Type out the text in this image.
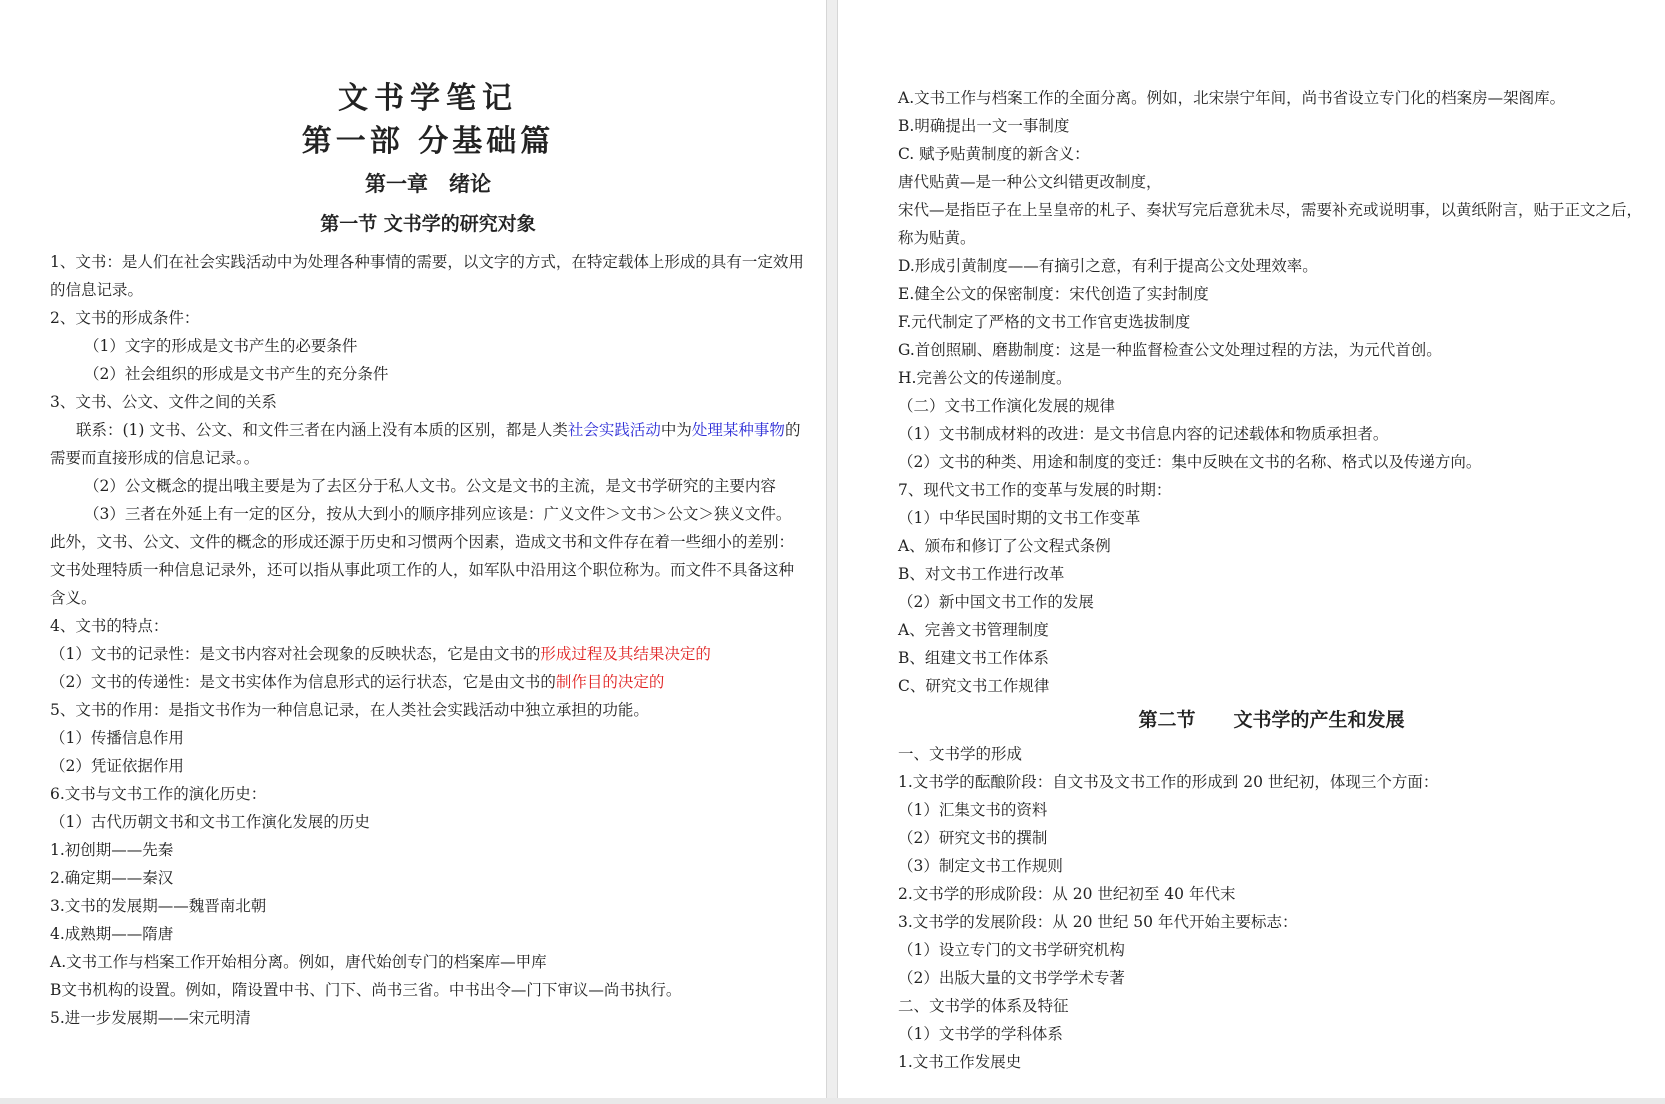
文书学笔记
第一部 分基础篇
第一章　绪论
第一节 文书学的研究对象

1、文书：是人们在社会实践活动中为处理各种事情的需要，以文字的方式，在特定载体上形成的具有一定效用的信息记录。

2、文书的形成条件：

（1）文字的形成是文书产生的必要条件

（2）社会组织的形成是文书产生的充分条件

3、文书、公文、文件之间的关系

联系：(1) 文书、公文、和文件三者在内涵上没有本质的区别，都是人类社会实践活动中为处理某种事物的需要而直接形成的信息记录。。

（2）公文概念的提出哦主要是为了去区分于私人文书。公文是文书的主流，是文书学研究的主要内容

（3）三者在外延上有一定的区分，按从大到小的顺序排列应该是：广义文件＞文书＞公文＞狭义文件。此外，文书、公文、文件的概念的形成还源于历史和习惯两个因素，造成文书和文件存在着一些细小的差别：文书处理特质一种信息记录外，还可以指从事此项工作的人，如军队中沿用这个职位称为。而文件不具备这种含义。

4、文书的特点：

（1）文书的记录性：是文书内容对社会现象的反映状态，它是由文书的形成过程及其结果决定的

（2）文书的传递性：是文书实体作为信息形式的运行状态，它是由文书的制作目的决定的

5、文书的作用：是指文书作为一种信息记录，在人类社会实践活动中独立承担的功能。

（1）传播信息作用

（2）凭证依据作用

6.文书与文书工作的演化历史：

（1）古代历朝文书和文书工作演化发展的历史

1.初创期——先秦

2.确定期——秦汉

3.文书的发展期——魏晋南北朝

4.成熟期——隋唐

A.文书工作与档案工作开始相分离。例如，唐代始创专门的档案库—甲库

B文书机构的设置。例如，隋设置中书、门下、尚书三省。中书出令—门下审议—尚书执行。

5.进一步发展期——宋元明清

A.文书工作与档案工作的全面分离。例如，北宋崇宁年间，尚书省设立专门化的档案房—架阁库。

B.明确提出一文一事制度

C. 赋予贴黄制度的新含义：

唐代贴黄—是一种公文纠错更改制度，

宋代—是指臣子在上呈皇帝的札子、奏状写完后意犹未尽，需要补充或说明事，以黄纸附言，贴于正文之后，称为贴黄。

D.形成引黄制度——有摘引之意，有利于提高公文处理效率。

E.健全公文的保密制度：宋代创造了实封制度

F.元代制定了严格的文书工作官吏选拔制度

G.首创照刷、磨勘制度：这是一种监督检查公文处理过程的方法，为元代首创。

H.完善公文的传递制度。

（二）文书工作演化发展的规律

（1）文书制成材料的改进：是文书信息内容的记述载体和物质承担者。

（2）文书的种类、用途和制度的变迁：集中反映在文书的名称、格式以及传递方向。

7、现代文书工作的变革与发展的时期：

（1）中华民国时期的文书工作变革

A、颁布和修订了公文程式条例

B、对文书工作进行改革

（2）新中国文书工作的发展

A、完善文书管理制度

B、组建文书工作体系

C、研究文书工作规律

第二节　　文书学的产生和发展

一、文书学的形成

1.文书学的酝酿阶段：自文书及文书工作的形成到 20 世纪初，体现三个方面：

（1）汇集文书的资料

（2）研究文书的撰制

（3）制定文书工作规则

2.文书学的形成阶段：从 20 世纪初至 40 年代末

3.文书学的发展阶段：从 20 世纪 50 年代开始主要标志：

（1）设立专门的文书学研究机构

（2）出版大量的文书学学术专著

二、文书学的体系及特征

（1）文书学的学科体系

1.文书工作发展史
